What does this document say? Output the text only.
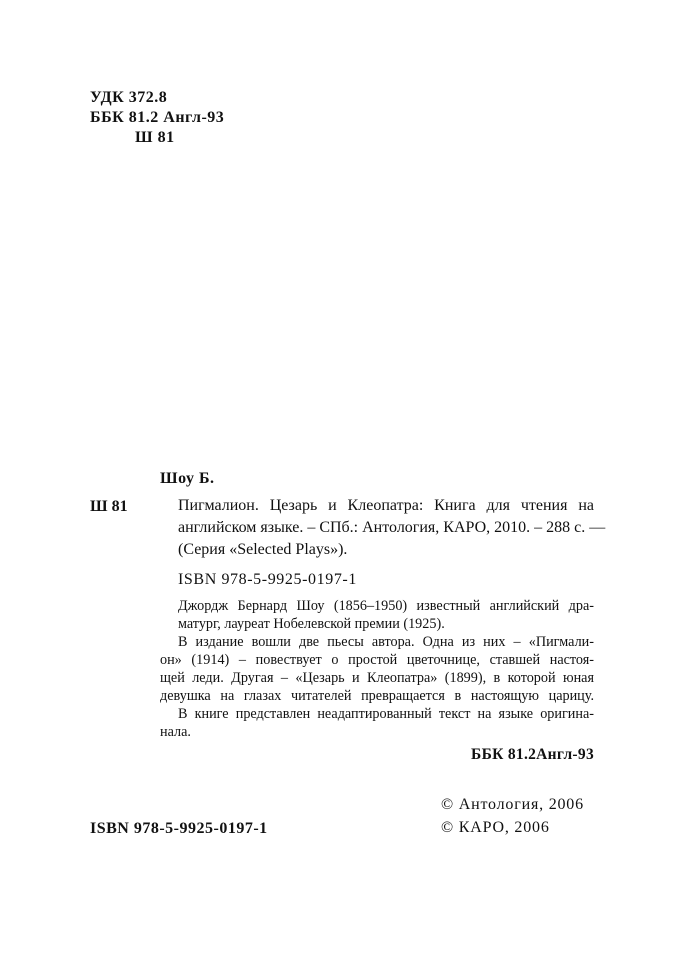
УДК 372.8
ББК 81.2 Англ-93
Ш 81
Шоу Б.
Ш 81	Пигмалион. Цезарь и Клеопатра: Книга для чтения на

английском языке. – СПб.: Антология, КАРО, 2010. – 288 с. —

(Серия «Selected Plays»).
ISBN 978-5-9925-0197-1

Джордж Бернард Шоу (1856–1950) известный английский дра-

матург, лауреат Нобелевской премии (1925).

В издание вошли две пьесы автора. Одна из них – «Пигмали-

он» (1914) – повествует о простой цветочнице, ставшей настоя-

щей леди. Другая – «Цезарь и Клеопатра» (1899), в которой юная

девушка на глазах читателей превращается в настоящую царицу.

В книге представлен неадаптированный текст на языке оригина-

нала.
ББК 81.2Англ-93
© Антология, 2006
© КАРО, 2006
ISBN 978-5-9925-0197-1
